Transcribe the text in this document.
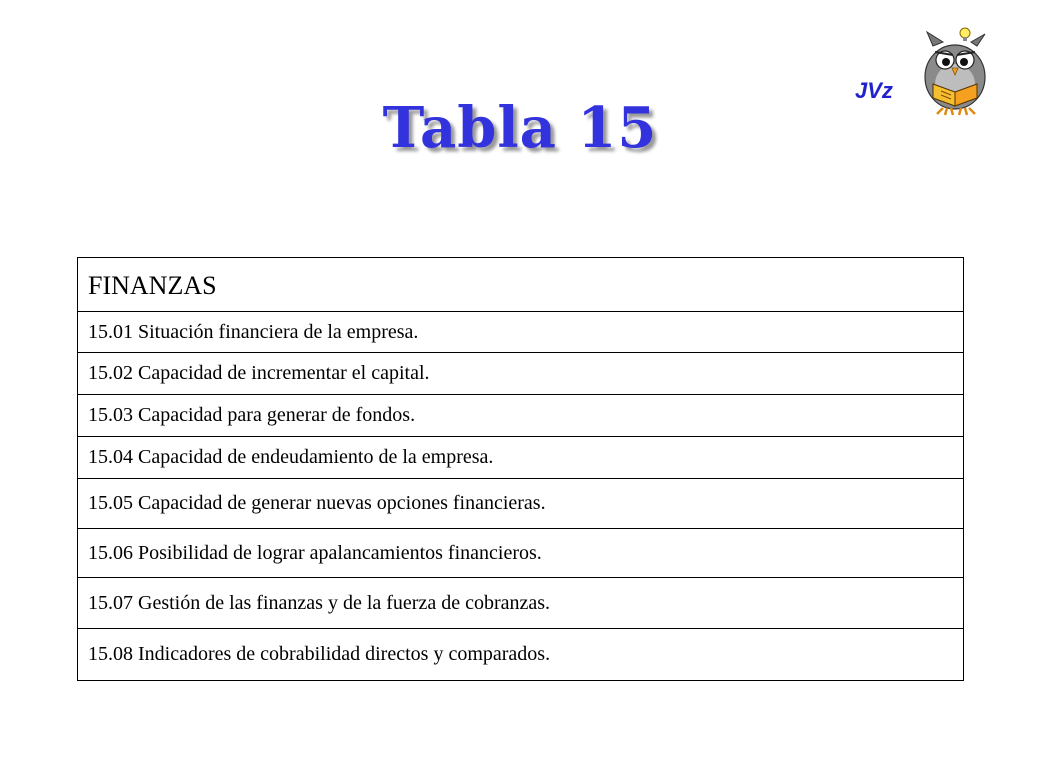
Tabla 15
JVz
FINANZAS
15.01 Situación financiera de la empresa.
15.02 Capacidad de incrementar el capital.
15.03 Capacidad para generar de fondos.
15.04 Capacidad de endeudamiento de la empresa.
15.05 Capacidad de generar nuevas opciones financieras.
15.06 Posibilidad de lograr apalancamientos financieros.
15.07 Gestión de las finanzas y de la fuerza de cobranzas.
15.08 Indicadores de cobrabilidad directos y comparados.
